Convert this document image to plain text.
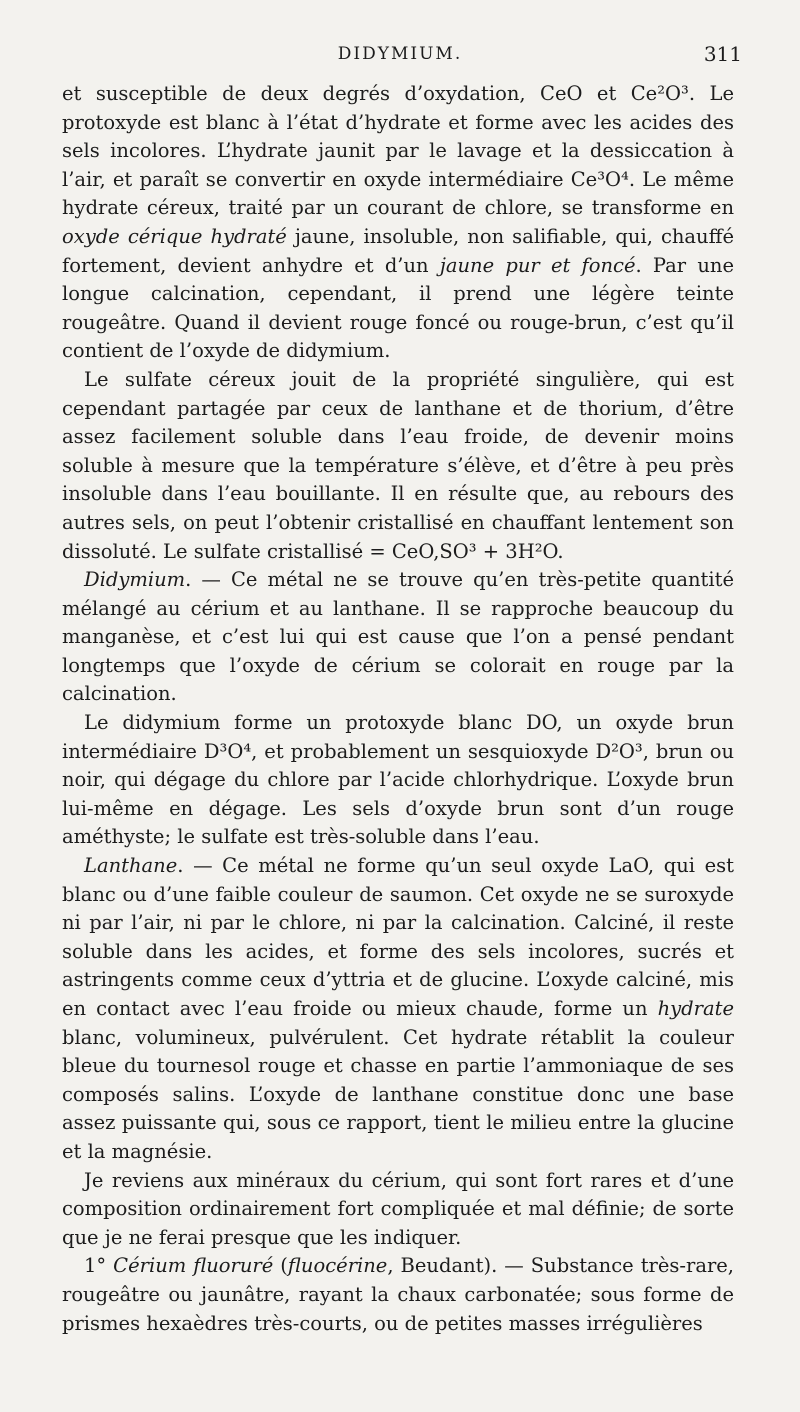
DIDYMIUM.	311

et susceptible de deux degrés d’oxydation, CeO et Ce²O³. Le protoxyde est blanc à l’état d’hydrate et forme avec les acides des sels incolores. L’hydrate jaunit par le lavage et la dessiccation à l’air, et paraît se convertir en oxyde intermédiaire Ce³O⁴. Le même hydrate céreux, traité par un courant de chlore, se transforme en oxyde cérique hydraté jaune, insoluble, non salifiable, qui, chauffé fortement, devient anhydre et d’un jaune pur et foncé. Par une longue calcination, cependant, il prend une légère teinte rougeâtre. Quand il devient rouge foncé ou rouge-brun, c’est qu’il contient de l’oxyde de didymium.

Le sulfate céreux jouit de la propriété singulière, qui est cependant partagée par ceux de lanthane et de thorium, d’être assez facilement soluble dans l’eau froide, de devenir moins soluble à mesure que la température s’élève, et d’être à peu près insoluble dans l’eau bouillante. Il en résulte que, au rebours des autres sels, on peut l’obtenir cristallisé en chauffant lentement son dissoluté. Le sulfate cristallisé = CeO,SO³ + 3H²O.

Didymium. — Ce métal ne se trouve qu’en très-petite quantité mélangé au cérium et au lanthane. Il se rapproche beaucoup du manganèse, et c’est lui qui est cause que l’on a pensé pendant longtemps que l’oxyde de cérium se colorait en rouge par la calcination.

Le didymium forme un protoxyde blanc DO, un oxyde brun intermédiaire D³O⁴, et probablement un sesquioxyde D²O³, brun ou noir, qui dégage du chlore par l’acide chlorhydrique. L’oxyde brun lui-même en dégage. Les sels d’oxyde brun sont d’un rouge améthyste; le sulfate est très-soluble dans l’eau.

Lanthane. — Ce métal ne forme qu’un seul oxyde LaO, qui est blanc ou d’une faible couleur de saumon. Cet oxyde ne se suroxyde ni par l’air, ni par le chlore, ni par la calcination. Calciné, il reste soluble dans les acides, et forme des sels incolores, sucrés et astringents comme ceux d’yttria et de glucine. L’oxyde calciné, mis en contact avec l’eau froide ou mieux chaude, forme un hydrate blanc, volumineux, pulvérulent. Cet hydrate rétablit la couleur bleue du tournesol rouge et chasse en partie l’ammoniaque de ses composés salins. L’oxyde de lanthane constitue donc une base assez puissante qui, sous ce rapport, tient le milieu entre la glucine et la magnésie.

Je reviens aux minéraux du cérium, qui sont fort rares et d’une composition ordinairement fort compliquée et mal définie; de sorte que je ne ferai presque que les indiquer.

1° Cérium fluoruré (fluocérine, Beudant). — Substance très-rare, rougeâtre ou jaunâtre, rayant la chaux carbonatée; sous forme de prismes hexaèdres très-courts, ou de petites masses irrégulières
